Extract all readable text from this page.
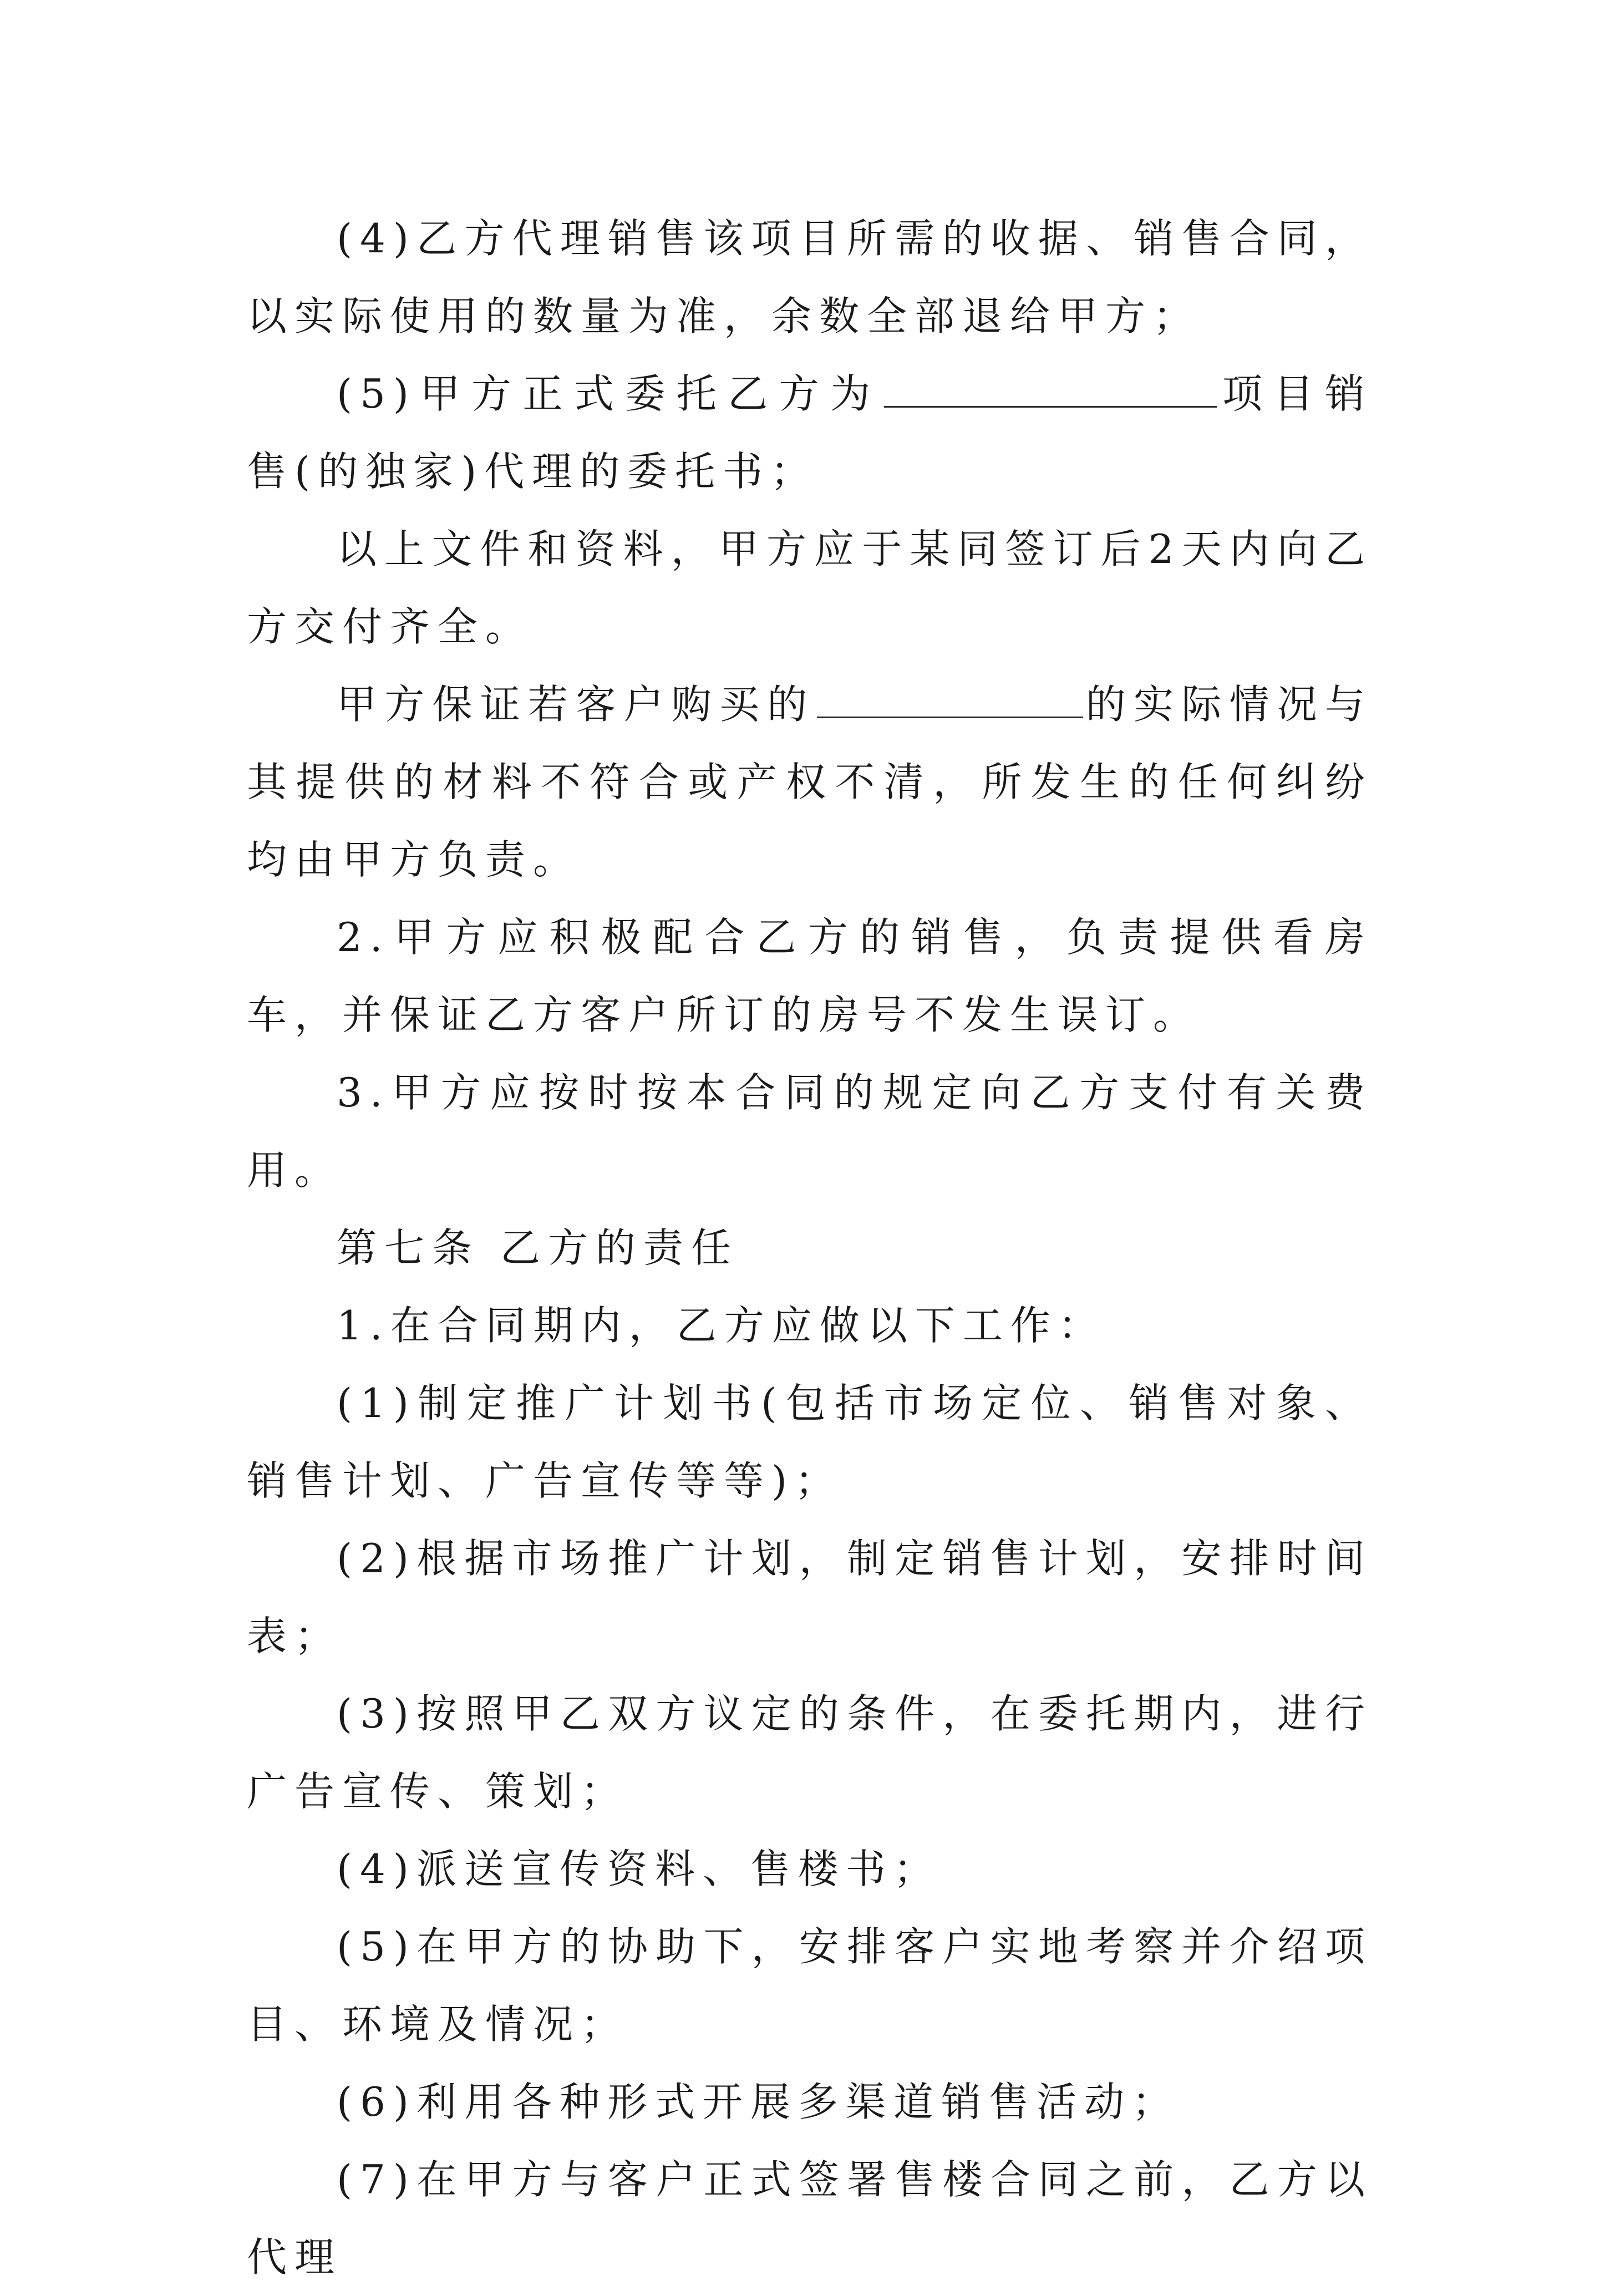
(4)乙方代理销售该项目所需的收据、销售合同，以实际使用的数量为准，余数全部退给甲方；

(5)甲方正式委托乙方为	项目销售(的独家)代理的委托书；

以上文件和资料，甲方应于某同签订后2天内向乙方交付齐全。

甲方保证若客户购买的	的实际情况与其提供的材料不符合或产权不清，所发生的任何纠纷均由甲方负责。

2.甲方应积极配合乙方的销售，负责提供看房车，并保证乙方客户所订的房号不发生误订。

3.甲方应按时按本合同的规定向乙方支付有关费用。

第七条 乙方的责任

1.在合同期内，乙方应做以下工作：

(1)制定推广计划书(包括市场定位、销售对象、销售计划、广告宣传等等)；

(2)根据市场推广计划，制定销售计划，安排时间表；

(3)按照甲乙双方议定的条件，在委托期内，进行广告宣传、策划；

(4)派送宣传资料、售楼书；

(5)在甲方的协助下，安排客户实地考察并介绍项目、环境及情况；

(6)利用各种形式开展多渠道销售活动；

(7)在甲方与客户正式签署售楼合同之前，乙方以代理
